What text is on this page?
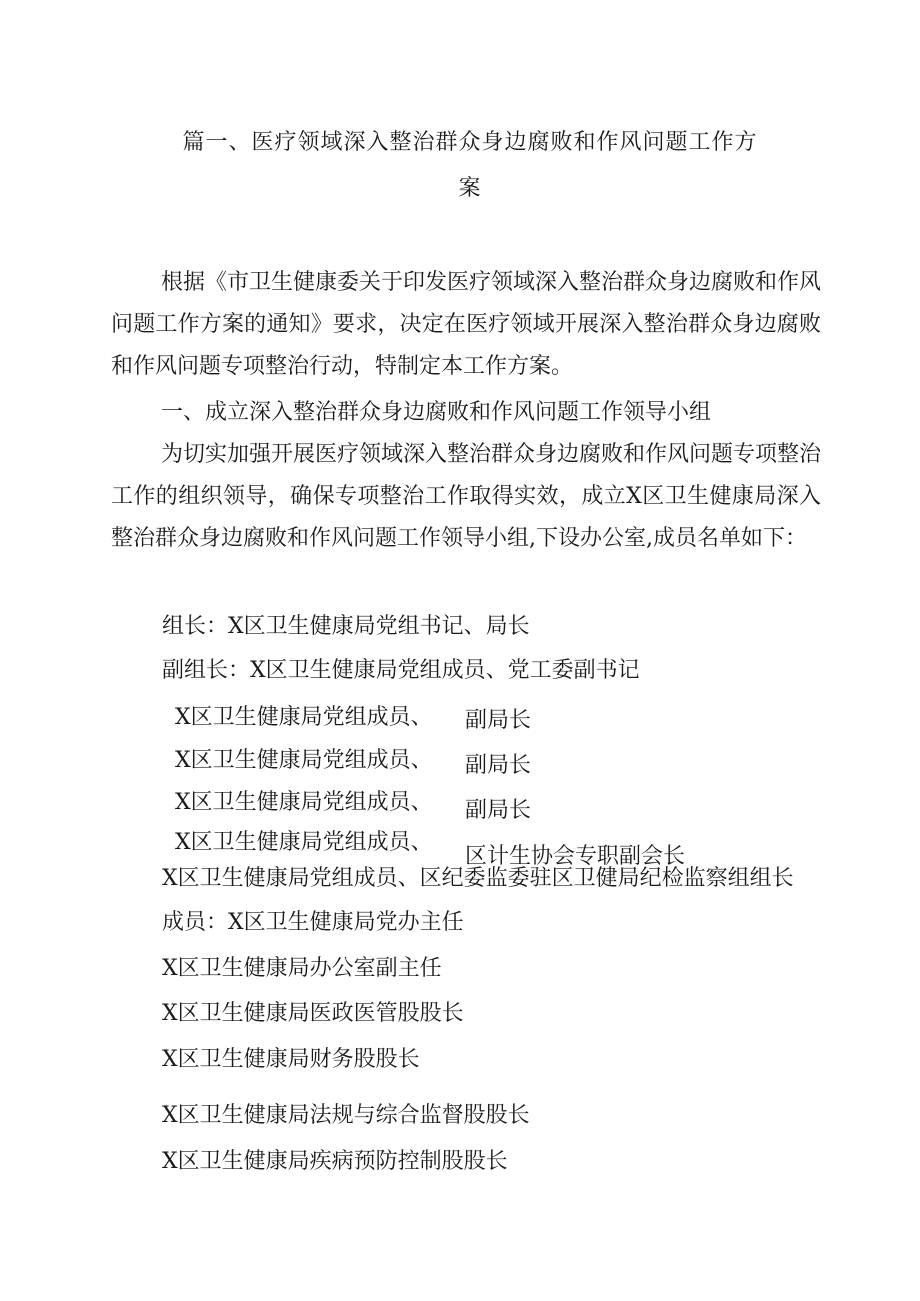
篇一、医疗领域深入整治群众身边腐败和作风问题工作方
案

根据《市卫生健康委关于印发医疗领域深入整治群众身边腐败和作风问题工作方案的通知》要求，决定在医疗领域开展深入整治群众身边腐败和作风问题专项整治行动，特制定本工作方案。

一、成立深入整治群众身边腐败和作风问题工作领导小组

为切实加强开展医疗领域深入整治群众身边腐败和作风问题专项整治工作的组织领导，确保专项整治工作取得实效，成立X区卫生健康局深入整治群众身边腐败和作风问题工作领导小组,下设办公室,成员名单如下：

组长：X区卫生健康局党组书记、局长

副组长：X区卫生健康局党组成员、党工委副书记

X区卫生健康局党组成员、 副局长

X区卫生健康局党组成员、 副局长

X区卫生健康局党组成员、 副局长

X区卫生健康局党组成员、

区计生协会专职副会长

X区卫生健康局党组成员、区纪委监委驻区卫健局纪检监察组组长

成员：X区卫生健康局党办主任

X区卫生健康局办公室副主任

X区卫生健康局医政医管股股长

X区卫生健康局财务股股长

X区卫生健康局法规与综合监督股股长

X区卫生健康局疾病预防控制股股长
